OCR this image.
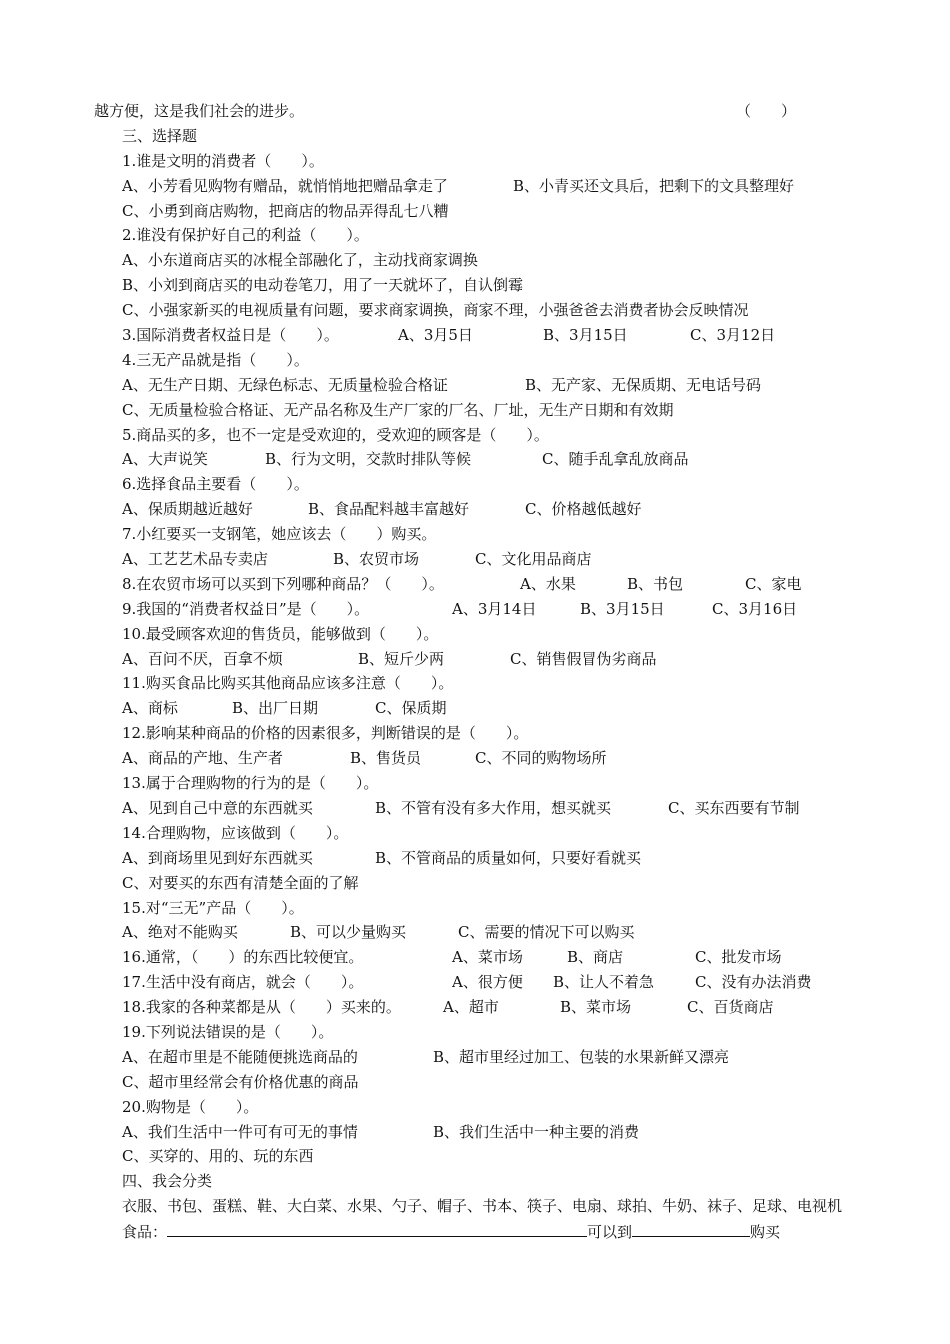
越方便，这是我们社会的进步。	（　　）
三、选择题
1.谁是文明的消费者（　　）。
A、小芳看见购物有赠品，就悄悄地把赠品拿走了	B、小青买还文具后，把剩下的文具整理好
C、小勇到商店购物，把商店的物品弄得乱七八糟
2.谁没有保护好自己的利益（　　）。
A、小东道商店买的冰棍全部融化了，主动找商家调换
B、小刘到商店买的电动卷笔刀，用了一天就坏了，自认倒霉
C、小强家新买的电视质量有问题，要求商家调换，商家不理，小强爸爸去消费者协会反映情况
3.国际消费者权益日是（　　）。	A、3月5日	B、3月15日	C、3月12日
4.三无产品就是指（　　）。
A、无生产日期、无绿色标志、无质量检验合格证	B、无产家、无保质期、无电话号码
C、无质量检验合格证、无产品名称及生产厂家的厂名、厂址，无生产日期和有效期
5.商品买的多，也不一定是受欢迎的，受欢迎的顾客是（　　）。
A、大声说笑	B、行为文明，交款时排队等候	C、随手乱拿乱放商品
6.选择食品主要看（　　）。
A、保质期越近越好	B、食品配料越丰富越好	C、价格越低越好
7.小红要买一支钢笔，她应该去（　　）购买。
A、工艺艺术品专卖店	B、农贸市场	C、文化用品商店
8.在农贸市场可以买到下列哪种商品？（　　）。	A、水果	B、书包	C、家电
9.我国的“消费者权益日”是（　　）。	A、3月14日	B、3月15日	C、3月16日
10.最受顾客欢迎的售货员，能够做到（　　）。
A、百问不厌，百拿不烦	B、短斤少两	C、销售假冒伪劣商品
11.购买食品比购买其他商品应该多注意（　　）。
A、商标	B、出厂日期	C、保质期
12.影响某种商品的价格的因素很多，判断错误的是（　　）。
A、商品的产地、生产者	B、售货员	C、不同的购物场所
13.属于合理购物的行为的是（　　）。
A、见到自己中意的东西就买	B、不管有没有多大作用，想买就买	C、买东西要有节制
14.合理购物，应该做到（　　）。
A、到商场里见到好东西就买	B、不管商品的质量如何，只要好看就买
C、对要买的东西有清楚全面的了解
15.对“三无”产品（　　）。
A、绝对不能购买	B、可以少量购买	C、需要的情况下可以购买
16.通常，（　　）的东西比较便宜。	A、菜市场	B、商店	C、批发市场
17.生活中没有商店，就会（　　）。	A、很方便 B、让人不着急	C、没有办法消费
18.我家的各种菜都是从（　　）买来的。	A、超市	B、菜市场	C、百货商店
19.下列说法错误的是（　　）。
A、在超市里是不能随便挑选商品的	B、超市里经过加工、包装的水果新鲜又漂亮
C、超市里经常会有价格优惠的商品
20.购物是（　　）。
A、我们生活中一件可有可无的事情	B、我们生活中一种主要的消费
C、买穿的、用的、玩的东西
四、我会分类
衣服、书包、蛋糕、鞋、大白菜、水果、勺子、帽子、书本、筷子、电扇、球拍、牛奶、袜子、足球、电视机
食品：	可以到	购买
